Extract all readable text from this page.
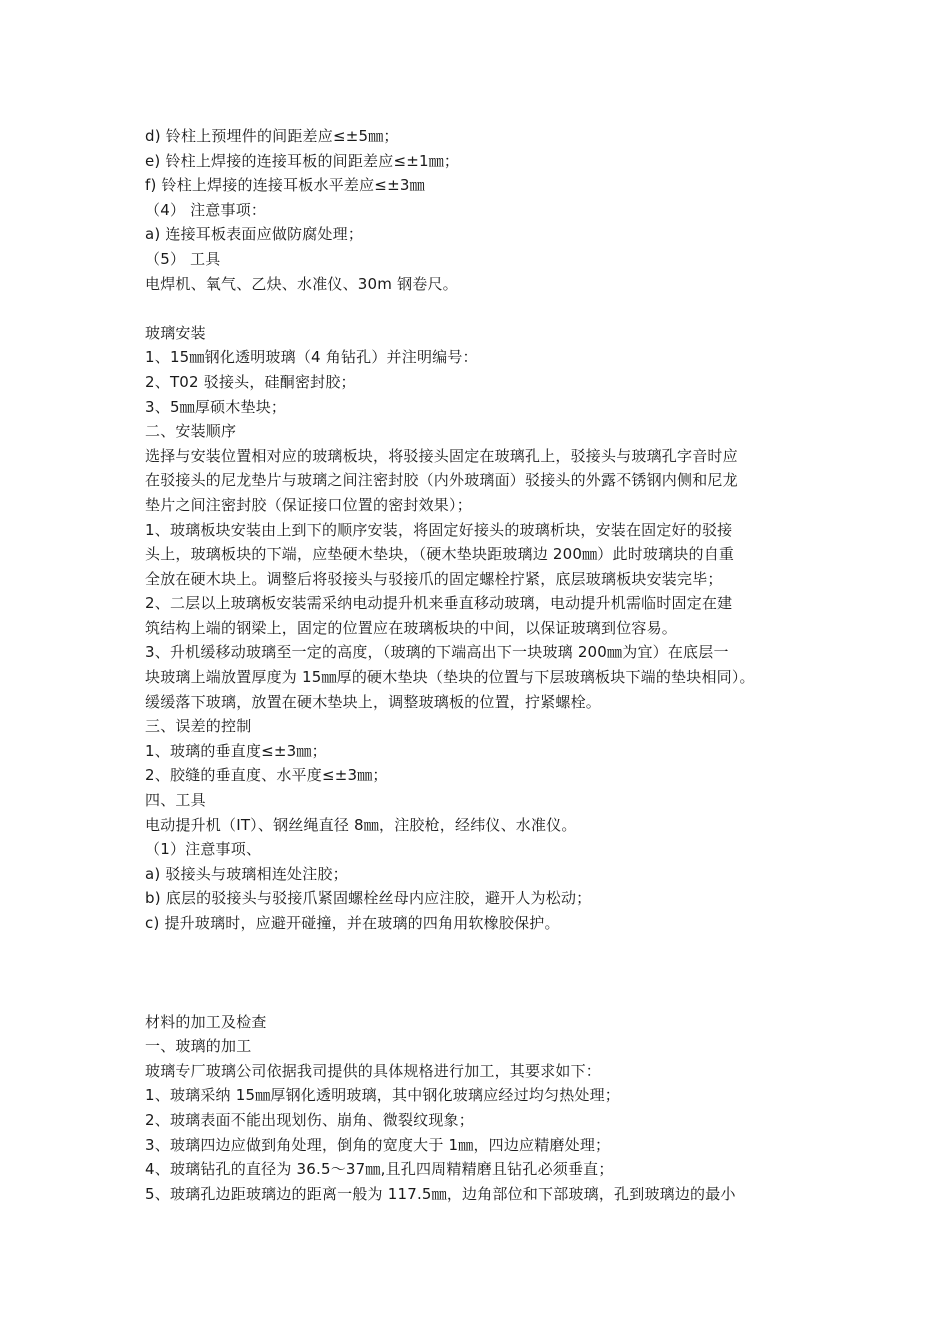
d) 铃柱上预埋件的间距差应≤±5㎜；
e) 铃柱上焊接的连接耳板的间距差应≤±1㎜；
f) 铃柱上焊接的连接耳板水平差应≤±3㎜
（4） 注意事项：
a) 连接耳板表面应做防腐处理；
（5） 工具
电焊机、氧气、乙炔、水准仪、30m 钢卷尺。
玻璃安装
1、15㎜钢化透明玻璃（4 角钻孔）并注明编号：
2、T02 驳接头，硅酮密封胶；
3、5㎜厚硕木垫块；
二、安装顺序
选择与安装位置相对应的玻璃板块，将驳接头固定在玻璃孔上，驳接头与玻璃孔字音时应
在驳接头的尼龙垫片与玻璃之间注密封胶（内外玻璃面）驳接头的外露不锈钢内侧和尼龙
垫片之间注密封胶（保证接口位置的密封效果）；
1、玻璃板块安装由上到下的顺序安装，将固定好接头的玻璃析块，安装在固定好的驳接
头上，玻璃板块的下端，应垫硬木垫块，（硬木垫块距玻璃边 200㎜）此时玻璃块的自重
全放在硬木块上。调整后将驳接头与驳接爪的固定螺栓拧紧，底层玻璃板块安装完毕；
2、二层以上玻璃板安装需采纳电动提升机来垂直移动玻璃，电动提升机需临时固定在建
筑结构上端的钢梁上，固定的位置应在玻璃板块的中间，以保证玻璃到位容易。
3、升机缓移动玻璃至一定的高度，（玻璃的下端高出下一块玻璃 200㎜为宜）在底层一
块玻璃上端放置厚度为 15㎜厚的硬木垫块（垫块的位置与下层玻璃板块下端的垫块相同）。
缓缓落下玻璃，放置在硬木垫块上，调整玻璃板的位置，拧紧螺栓。
三、误差的控制
1、玻璃的垂直度≤±3㎜；
2、胶缝的垂直度、水平度≤±3㎜；
四、工具
电动提升机（IT）、钢丝绳直径 8㎜，注胶枪，经纬仪、水准仪。
（1）注意事项、
a) 驳接头与玻璃相连处注胶；
b) 底层的驳接头与驳接爪紧固螺栓丝母内应注胶，避开人为松动；
c) 提升玻璃时，应避开碰撞，并在玻璃的四角用软橡胶保护。
材料的加工及检查
一、玻璃的加工
玻璃专厂玻璃公司依据我司提供的具体规格进行加工，其要求如下：
1、玻璃采纳 15㎜厚钢化透明玻璃，其中钢化玻璃应经过均匀热处理；
2、玻璃表面不能出现划伤、崩角、微裂纹现象；
3、玻璃四边应做到角处理，倒角的宽度大于 1㎜，四边应精磨处理；
4、玻璃钻孔的直径为 36.5～37㎜,且孔四周精精磨且钻孔必须垂直；
5、玻璃孔边距玻璃边的距离一般为 117.5㎜，边角部位和下部玻璃，孔到玻璃边的最小
